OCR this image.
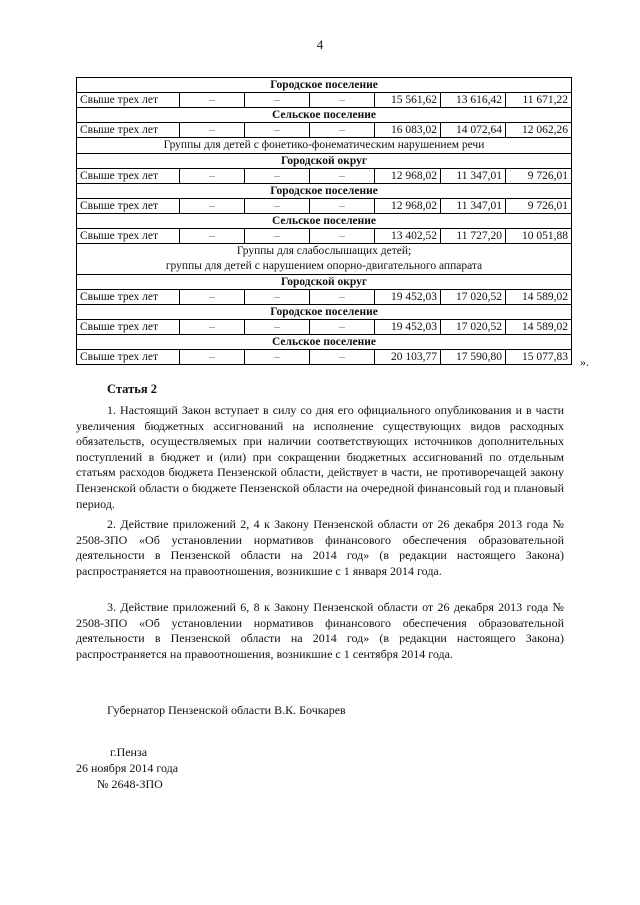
4
Городское поселение						
Свыше трех лет	–	–	–	15 561,62	13 616,42	11 671,22
Сельское поселение						
Свыше трех лет	–	–	–	16 083,02	14 072,64	12 062,26
Группы для детей с фонетико-фонематическим нарушением речи						
Городской округ						
Свыше трех лет	–	–	–	12 968,02	11 347,01	9 726,01
Городское поселение						
Свыше трех лет	–	–	–	12 968,02	11 347,01	9 726,01
Сельское поселение						
Свыше трех лет	–	–	–	13 402,52	11 727,20	10 051,88

Группы для слабослышащих детей;
группы для детей с нарушением опорно-двигательного аппарата						

Городской округ						
Свыше трех лет	–	–	–	19 452,03	17 020,52	14 589,02
Городское поселение						
Свыше трех лет	–	–	–	19 452,03	17 020,52	14 589,02
Сельское поселение						
Свыше трех лет	–	–	–	20 103,77	17 590,80	15 077,83 ».
Статья 2
1. Настоящий Закон вступает в силу со дня его официального опубликования и в части увеличения бюджетных ассигнований на исполнение существующих видов расходных обязательств, осуществляемых при наличии соответствующих источников дополнительных поступлений в бюджет и (или) при сокращении бюджетных ассигнований по отдельным статьям расходов бюджета Пензенской области, действует в части, не противоречащей закону Пензенской области о бюджете Пензенской области на очередной финансовый год и плановый период.
2. Действие приложений 2, 4 к Закону Пензенской области от 26 декабря 2013 года № 2508-ЗПО «Об установлении нормативов финансового обеспечения образовательной деятельности в Пензенской области на 2014 год» (в редакции настоящего Закона) распространяется на правоотношения, возникшие с 1 января 2014 года.
3. Действие приложений 6, 8 к Закону Пензенской области от 26 декабря 2013 года № 2508-ЗПО «Об установлении нормативов финансового обеспечения образовательной деятельности в Пензенской области на 2014 год» (в редакции настоящего Закона) распространяется на правоотношения, возникшие с 1 сентября 2014 года.
Губернатор Пензенской области В.К. Бочкарев
г.Пенза
26 ноября 2014 года
№ 2648-ЗПО
